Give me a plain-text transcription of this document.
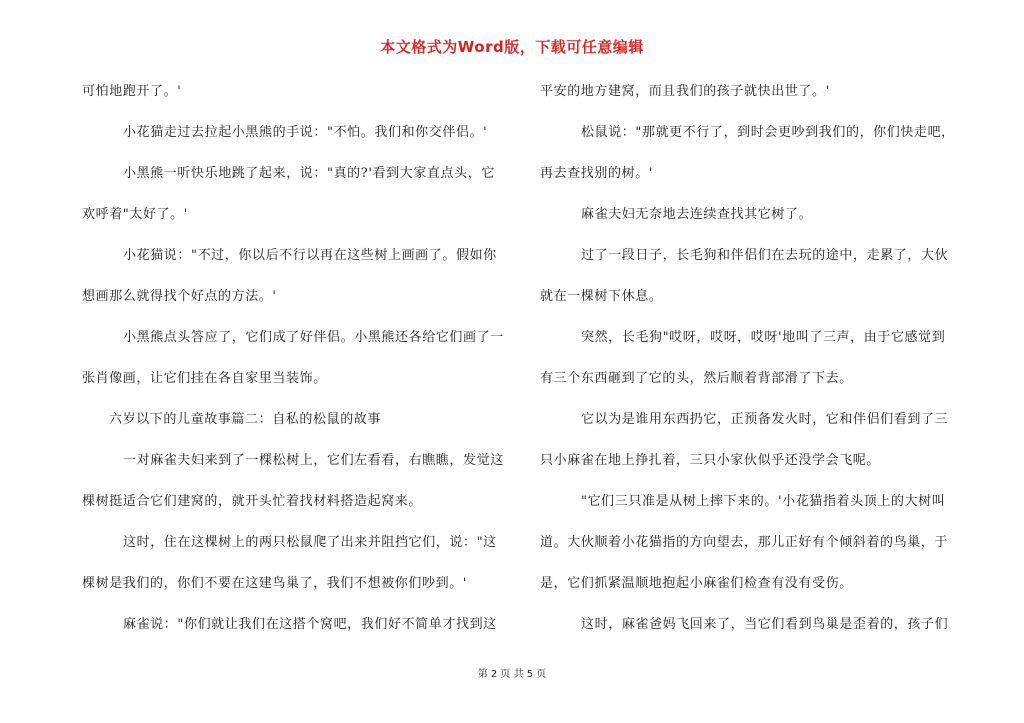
本文格式为Word版，下载可任意编辑
可怕地跑开了。'
小花猫走过去拉起小黑熊的手说："不怕。我们和你交伴侣。'
小黑熊一听快乐地跳了起来，说："真的?'看到大家直点头，它
欢呼着"太好了。'
小花猫说："不过，你以后不行以再在这些树上画画了。假如你
想画那么就得找个好点的方法。'
小黑熊点头答应了，它们成了好伴侣。小黑熊还各给它们画了一
张肖像画，让它们挂在各自家里当装饰。
六岁以下的儿童故事篇二：自私的松鼠的故事
一对麻雀夫妇来到了一棵松树上，它们左看看，右瞧瞧，发觉这
棵树挺适合它们建窝的，就开头忙着找材料搭造起窝来。
这时，住在这棵树上的两只松鼠爬了出来并阻挡它们，说："这
棵树是我们的，你们不要在这建鸟巢了，我们不想被你们吵到。'
麻雀说："你们就让我们在这搭个窝吧，我们好不简单才找到这
平安的地方建窝，而且我们的孩子就快出世了。'
松鼠说："那就更不行了，到时会更吵到我们的，你们快走吧，
再去查找别的树。'
麻雀夫妇无奈地去连续查找其它树了。
过了一段日子，长毛狗和伴侣们在去玩的途中，走累了，大伙
就在一棵树下休息。
突然，长毛狗"哎呀，哎呀，哎呀'地叫了三声，由于它感觉到
有三个东西砸到了它的头，然后顺着背部滑了下去。
它以为是谁用东西扔它，正预备发火时，它和伴侣们看到了三
只小麻雀在地上挣扎着，三只小家伙似乎还没学会飞呢。
"它们三只准是从树上摔下来的。'小花猫指着头顶上的大树叫
道。大伙顺着小花猫指的方向望去，那儿正好有个倾斜着的鸟巢，于
是，它们抓紧温顺地抱起小麻雀们检查有没有受伤。
这时，麻雀爸妈飞回来了，当它们看到鸟巢是歪着的，孩子们
第 2 页 共 5 页
